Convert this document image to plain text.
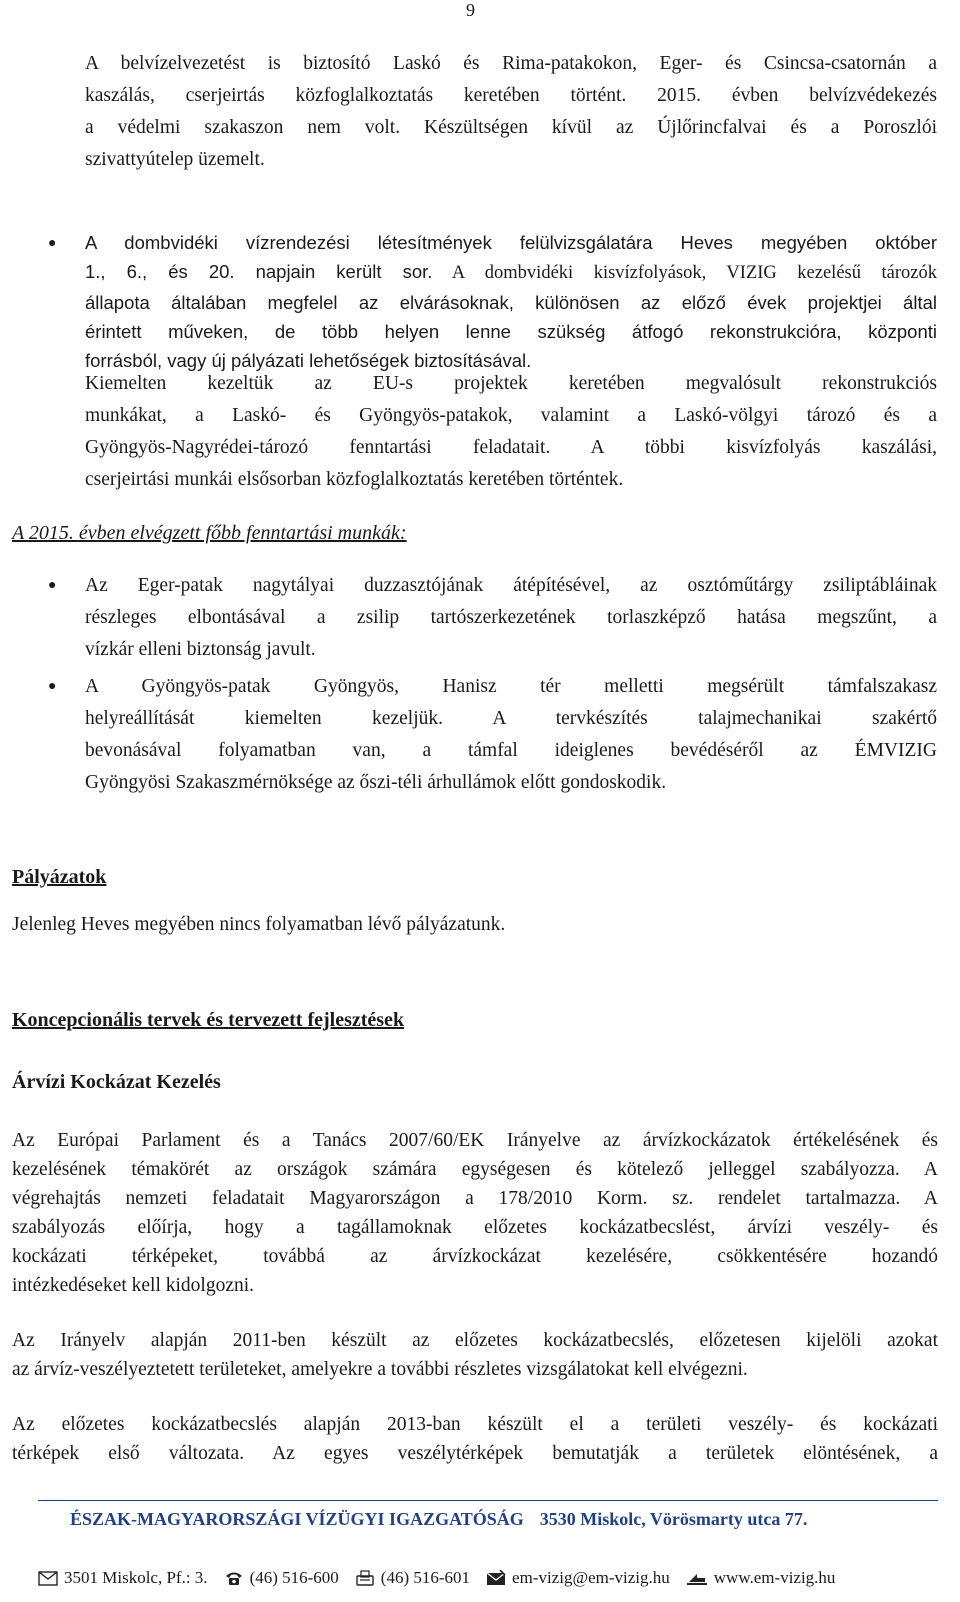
9
A belvízelvezetést is biztosító Laskó és Rima-patakokon, Eger- és Csincsa-csatornán a
kaszálás, cserjeirtás közfoglalkoztatás keretében történt. 2015. évben belvízvédekezés
a védelmi szakaszon nem volt. Készültségen kívül az Újlőrincfalvai és a Poroszlói
szivattyútelep üzemelt.
● A dombvidéki vízrendezési létesítmények felülvizsgálatára Heves megyében október
1., 6., és 20. napjain került sor. A dombvidéki kisvízfolyások, VIZIG kezelésű tározók
állapota általában megfelel az elvárásoknak, különösen az előző évek projektjei által
érintett műveken, de több helyen lenne szükség átfogó rekonstrukcióra, központi
forrásból, vagy új pályázati lehetőségek biztosításával.
Kiemelten kezeltük az EU-s projektek keretében megvalósult rekonstrukciós
munkákat, a Laskó- és Gyöngyös-patakok, valamint a Laskó-völgyi tározó és a
Gyöngyös-Nagyrédei-tározó fenntartási feladatait. A többi kisvízfolyás kaszálási,
cserjeirtási munkái elsősorban közfoglalkoztatás keretében történtek.
A 2015. évben elvégzett főbb fenntartási munkák:
● Az Eger-patak nagytályai duzzasztójának átépítésével, az osztóműtárgy zsiliptábláinak
részleges elbontásával a zsilip tartószerkezetének torlaszképző hatása megszűnt, a
vízkár elleni biztonság javult.
● A Gyöngyös-patak Gyöngyös, Hanisz tér melletti megsérült támfalszakasz
helyreállítását kiemelten kezeljük. A tervkészítés talajmechanikai szakértő
bevonásával folyamatban van, a támfal ideiglenes bevédéséről az ÉMVIZIG
Gyöngyösi Szakaszmérnöksége az őszi-téli árhullámok előtt gondoskodik.
Pályázatok
Jelenleg Heves megyében nincs folyamatban lévő pályázatunk.
Koncepcionális tervek és tervezett fejlesztések
Árvízi Kockázat Kezelés
Az Európai Parlament és a Tanács 2007/60/EK Irányelve az árvízkockázatok értékelésének és
kezelésének témakörét az országok számára egységesen és kötelező jelleggel szabályozza. A
végrehajtás nemzeti feladatait Magyarországon a 178/2010 Korm. sz. rendelet tartalmazza. A
szabályozás előírja, hogy a tagállamoknak előzetes kockázatbecslést, árvízi veszély- és
kockázati térképeket, továbbá az árvízkockázat kezelésére, csökkentésére hozandó
intézkedéseket kell kidolgozni.
Az Irányelv alapján 2011-ben készült az előzetes kockázatbecslés, előzetesen kijelöli azokat
az árvíz-veszélyeztetett területeket, amelyekre a további részletes vizsgálatokat kell elvégezni.
Az előzetes kockázatbecslés alapján 2013-ban készült el a területi veszély- és kockázati
térképek első változata. Az egyes veszélytérképek bemutatják a területek elöntésének, a
ÉSZAK-MAGYARORSZÁGI VÍZÜGYI IGAZGATÓSÁG 3530 Miskolc, Vörösmarty utca 77.
3501 Miskolc, Pf.: 3. (46) 516-600 (46) 516-601 em-vizig@em-vizig.hu	www.em-vizig.hu
